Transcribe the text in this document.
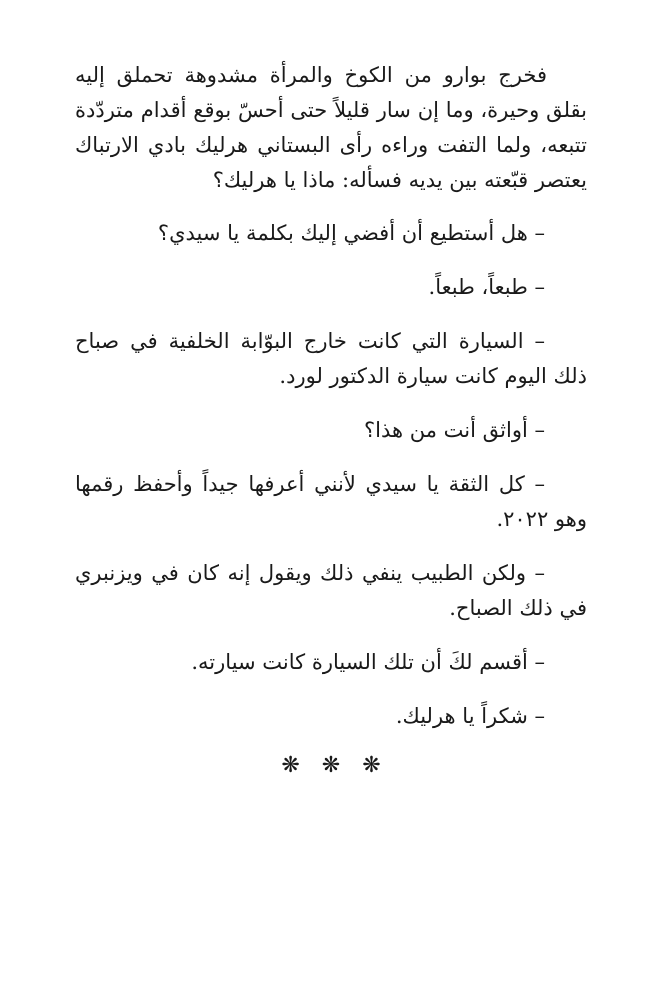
فخرج بوارو من الكوخ والمرأة مشدوهة تحملق إليه بقلق وحيرة، وما إن سار قليلاً حتى أحسّ بوقع أقدام متردّدة تتبعه، ولما التفت وراءه رأى البستاني هرليك بادي الارتباك يعتصر قبّعته بين يديه فسأله: ماذا يا هرليك؟

– هل أستطيع أن أفضي إليك بكلمة يا سيدي؟

– طبعاً، طبعاً.

– السيارة التي كانت خارج البوّابة الخلفية في صباح ذلك اليوم كانت سيارة الدكتور لورد.

– أواثق أنت من هذا؟

– كل الثقة يا سيدي لأنني أعرفها جيداً وأحفظ رقمها وهو ٢٠٢٢.

– ولكن الطبيب ينفي ذلك ويقول إنه كان في ويزنبري في ذلك الصباح.

– أقسم لكَ أن تلك السيارة كانت سيارته.

– شكراً يا هرليك.

❋❋❋
